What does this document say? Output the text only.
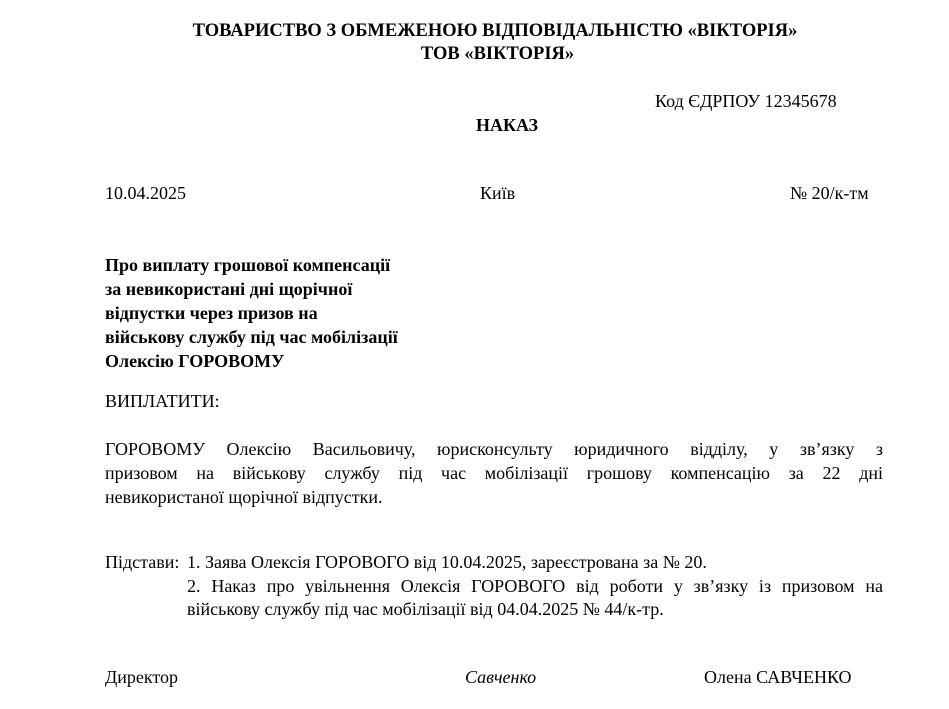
ТОВАРИСТВО З ОБМЕЖЕНОЮ ВІДПОВІДАЛЬНІСТЮ «ВІКТОРІЯ»
ТОВ «ВІКТОРІЯ»
Код ЄДРПОУ 12345678
НАКАЗ
10.04.2025	Київ	№ 20/к-тм
Про виплату грошової компенсації
за невикористані дні щорічної
відпустки через призов на
військову службу під час мобілізації
Олексію ГОРОВОМУ
ВИПЛАТИТИ:
ГОРОВОМУ Олексію Васильовичу, юрисконсульту юридичного відділу, у зв’язку з
призовом на військову службу під час мобілізації грошову компенсацію за 22 дні
невикористаної щорічної відпустки.
Підстави: 1. Заява Олексія ГОРОВОГО від 10.04.2025, зареєстрована за № 20.
2. Наказ про увільнення Олексія ГОРОВОГО від роботи у зв’язку із призовом на
військову службу під час мобілізації від 04.04.2025 № 44/к-тр.
Директор	Савченко	Олена САВЧЕНКО
